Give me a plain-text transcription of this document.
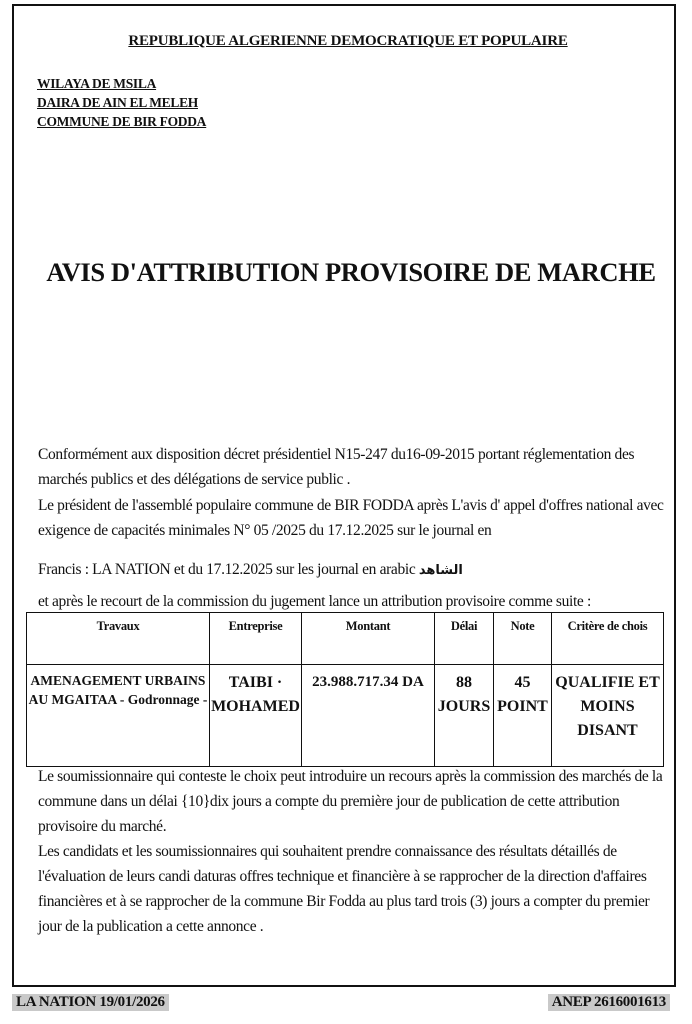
REPUBLIQUE ALGERIENNE DEMOCRATIQUE ET POPULAIRE
WILAYA DE MSILA
DAIRA DE AIN EL MELEH
COMMUNE DE BIR FODDA
AVIS D'ATTRIBUTION PROVISOIRE DE MARCHE
Conformément aux disposition décret présidentiel N15-247 du16-09-2015 portant réglementation des marchés publics et des délégations de service public .
Le président de l'assemblé populaire commune de BIR FODDA après L'avis d' appel d'offres national avec exigence de capacités minimales N° 05 /2025 du 17.12.2025 sur le journal en
Francis : LA NATION et du 17.12.2025 sur les journal en arabic الشاهد
et après le recourt de la commission du jugement lance un attribution provisoire comme suite :
Travaux	Entreprise	Montant	Délai	Note	Critère de chois
AMENAGEMENT URBAINS AU MGAITAA - Godronnage -	TAIBI · MOHAMED	23.988.717.34 DA	88 JOURS	45 POINT	QUALIFIE ET MOINS DISANT
Le soumissionnaire qui conteste le choix peut introduire un recours après la commission des marchés de la commune dans un délai {10}dix jours a compte du première jour de publication de cette attribution provisoire du marché.
Les candidats et les soumissionnaires qui souhaitent prendre connaissance des résultats détaillés de l'évaluation de leurs candi daturas offres technique et financière à se rapprocher de la direction d'affaires financières et à se rapprocher de la commune Bir Fodda au plus tard trois (3) jours a compter du premier jour de la publication a cette annonce .
LA NATION 19/01/2026	ANEP 2616001613
